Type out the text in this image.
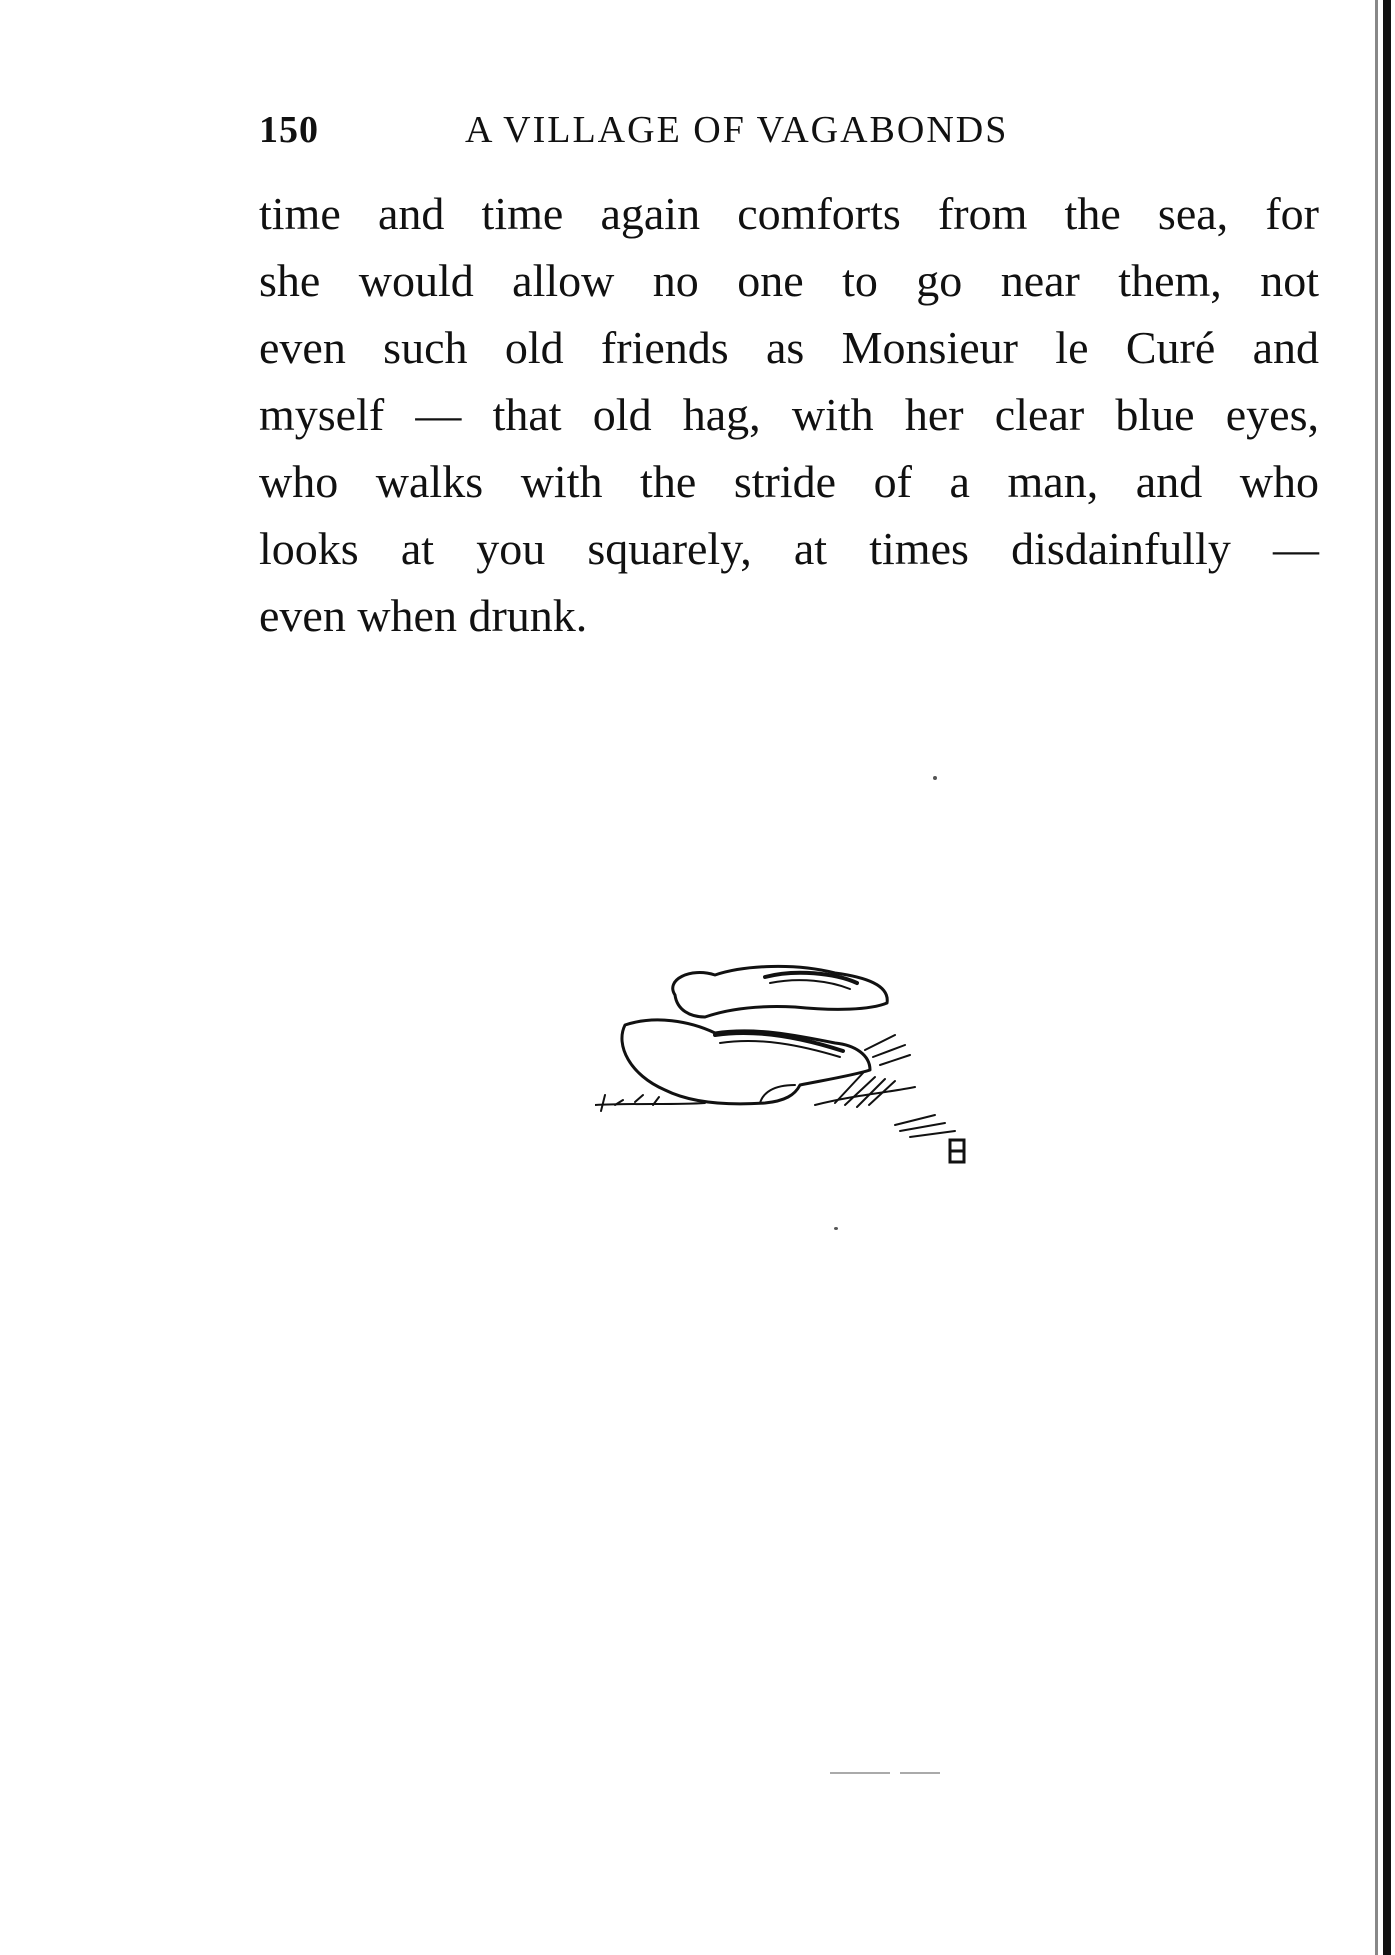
150	A VILLAGE OF VAGABONDS
time and time again comforts from the sea, for
she would allow no one to go near them, not
even such old friends as Monsieur le Curé and
myself — that old hag, with her clear blue eyes,
who walks with the stride of a man, and who
looks at you squarely, at times disdainfully —
even when drunk.
